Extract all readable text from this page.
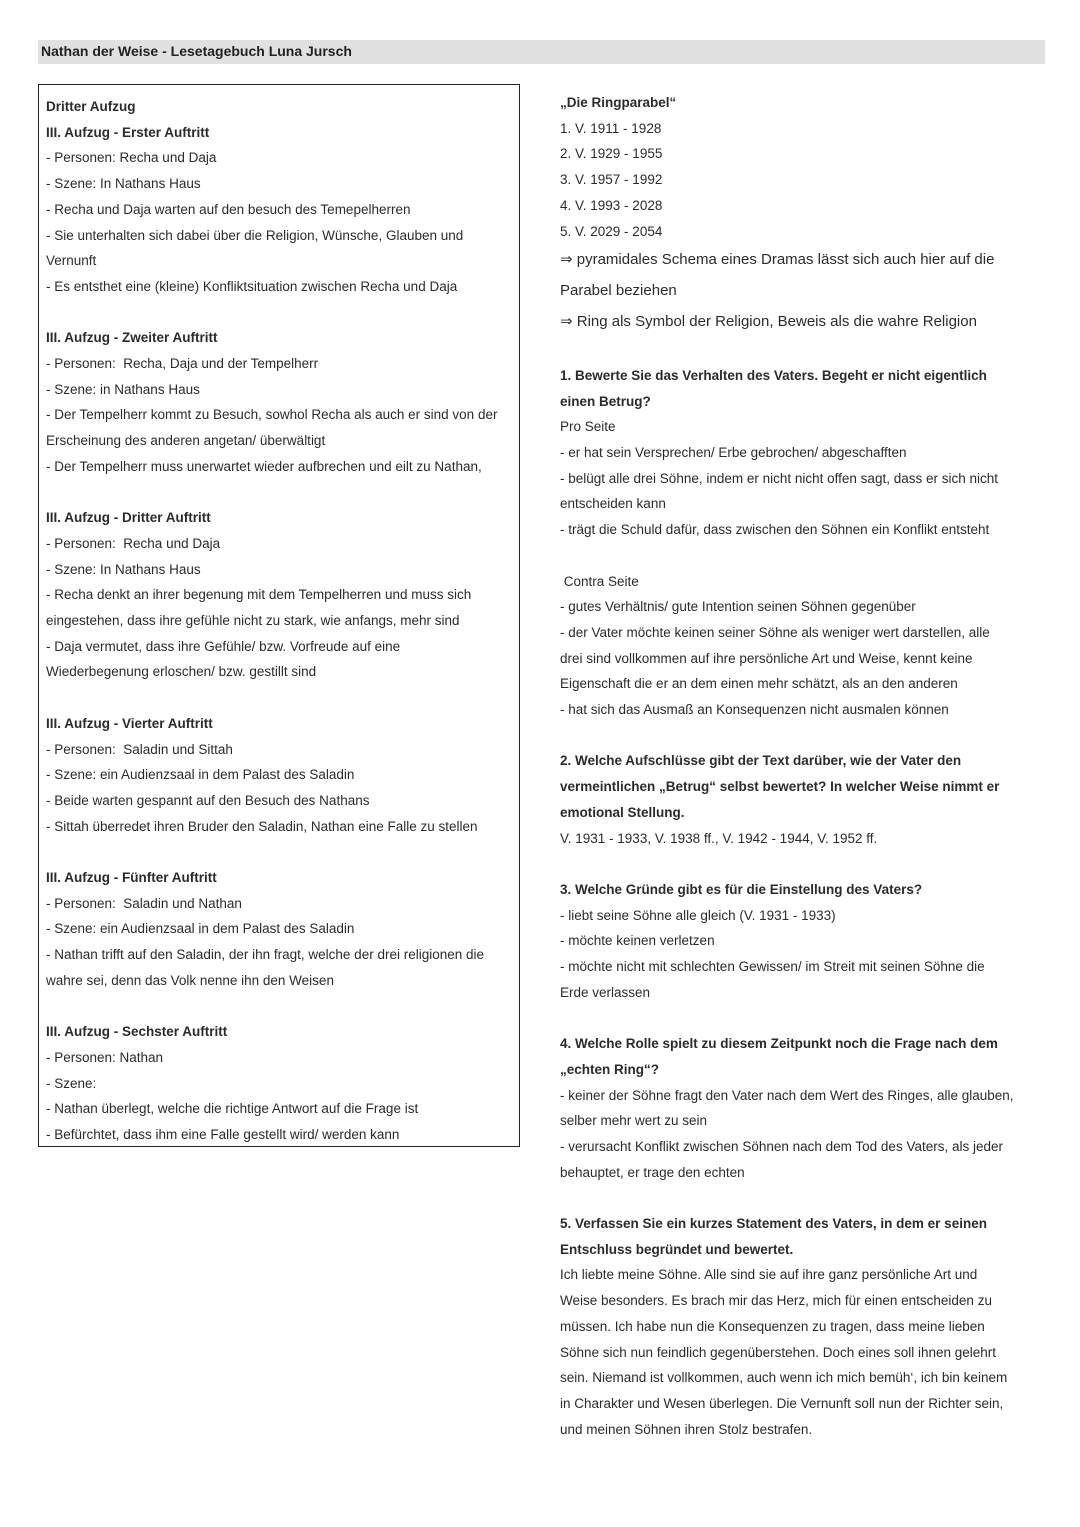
Nathan der Weise - Lesetagebuch Luna Jursch
Dritter Aufzug
III. Aufzug - Erster Auftritt
- Personen: Recha und Daja
- Szene: In Nathans Haus
- Recha und Daja warten auf den besuch des Temepelherren
- Sie unterhalten sich dabei über die Religion, Wünsche, Glauben und
Vernunft
- Es entsthet eine (kleine) Konfliktsituation zwischen Recha und Daja
III. Aufzug - Zweiter Auftritt
- Personen:  Recha, Daja und der Tempelherr
- Szene: in Nathans Haus
- Der Tempelherr kommt zu Besuch, sowhol Recha als auch er sind von der
Erscheinung des anderen angetan/ überwältigt
- Der Tempelherr muss unerwartet wieder aufbrechen und eilt zu Nathan,
III. Aufzug - Dritter Auftritt
- Personen:  Recha und Daja
- Szene: In Nathans Haus
- Recha denkt an ihrer begenung mit dem Tempelherren und muss sich
eingestehen, dass ihre gefühle nicht zu stark, wie anfangs, mehr sind
- Daja vermutet, dass ihre Gefühle/ bzw. Vorfreude auf eine
Wiederbegenung erloschen/ bzw. gestillt sind
III. Aufzug - Vierter Auftritt
- Personen:  Saladin und Sittah
- Szene: ein Audienzsaal in dem Palast des Saladin
- Beide warten gespannt auf den Besuch des Nathans
- Sittah überredet ihren Bruder den Saladin, Nathan eine Falle zu stellen
III. Aufzug - Fünfter Auftritt
- Personen:  Saladin und Nathan
- Szene: ein Audienzsaal in dem Palast des Saladin
- Nathan trifft auf den Saladin, der ihn fragt, welche der drei religionen die
wahre sei, denn das Volk nenne ihn den Weisen
III. Aufzug - Sechster Auftritt
- Personen: Nathan
- Szene:
- Nathan überlegt, welche die richtige Antwort auf die Frage ist
- Befürchtet, dass ihm eine Falle gestellt wird/ werden kann
„Die Ringparabel“
1. V. 1911 - 1928
2. V. 1929 - 1955
3. V. 1957 - 1992
4. V. 1993 - 2028
5. V. 2029 - 2054
⇒ pyramidales Schema eines Dramas lässt sich auch hier auf die
Parabel beziehen
⇒ Ring als Symbol der Religion, Beweis als die wahre Religion
1. Bewerte Sie das Verhalten des Vaters. Begeht er nicht eigentlich
einen Betrug?
Pro Seite
- er hat sein Versprechen/ Erbe gebrochen/ abgeschafften
- belügt alle drei Söhne, indem er nicht nicht offen sagt, dass er sich nicht
entscheiden kann
- trägt die Schuld dafür, dass zwischen den Söhnen ein Konflikt entsteht
Contra Seite
- gutes Verhältnis/ gute Intention seinen Söhnen gegenüber
- der Vater möchte keinen seiner Söhne als weniger wert darstellen, alle
drei sind vollkommen auf ihre persönliche Art und Weise, kennt keine
Eigenschaft die er an dem einen mehr schätzt, als an den anderen
- hat sich das Ausmaß an Konsequenzen nicht ausmalen können
2. Welche Aufschlüsse gibt der Text darüber, wie der Vater den
vermeintlichen „Betrug“ selbst bewertet? In welcher Weise nimmt er
emotional Stellung.
V. 1931 - 1933, V. 1938 ff., V. 1942 - 1944, V. 1952 ff.
3. Welche Gründe gibt es für die Einstellung des Vaters?
- liebt seine Söhne alle gleich (V. 1931 - 1933)
- möchte keinen verletzen
- möchte nicht mit schlechten Gewissen/ im Streit mit seinen Söhne die
Erde verlassen
4. Welche Rolle spielt zu diesem Zeitpunkt noch die Frage nach dem
„echten Ring“?
- keiner der Söhne fragt den Vater nach dem Wert des Ringes, alle glauben,
selber mehr wert zu sein
- verursacht Konflikt zwischen Söhnen nach dem Tod des Vaters, als jeder
behauptet, er trage den echten
5. Verfassen Sie ein kurzes Statement des Vaters, in dem er seinen
Entschluss begründet und bewertet.
Ich liebte meine Söhne. Alle sind sie auf ihre ganz persönliche Art und
Weise besonders. Es brach mir das Herz, mich für einen entscheiden zu
müssen. Ich habe nun die Konsequenzen zu tragen, dass meine lieben
Söhne sich nun feindlich gegenüberstehen. Doch eines soll ihnen gelehrt
sein. Niemand ist vollkommen, auch wenn ich mich bemüh‘, ich bin keinem
in Charakter und Wesen überlegen. Die Vernunft soll nun der Richter sein,
und meinen Söhnen ihren Stolz bestrafen.
